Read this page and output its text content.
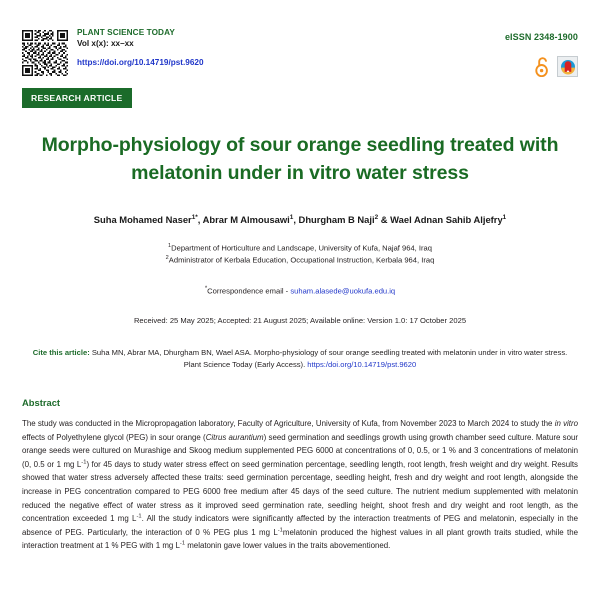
PLANT SCIENCE TODAY
Vol x(x): xx–xx
https://doi.org/10.14719/pst.9620
eISSN 2348-1900
RESEARCH ARTICLE
Morpho-physiology of sour orange seedling treated with melatonin under in vitro water stress
Suha Mohamed Naser$^{1*}$, Abrar M Almousawi$^1$, Dhurgham B Naji$^2$ & Wael Adnan Sahib Aljefry$^1$
$^1$Department of Horticulture and Landscape, University of Kufa, Najaf 964, Iraq
$^2$Administrator of Kerbala Education, Occupational Instruction, Kerbala 964, Iraq
*Correspondence email - suham.alasede@uokufa.edu.iq
Received: 25 May 2025; Accepted: 21 August 2025; Available online: Version 1.0: 17 October 2025
Cite this article: Suha MN, Abrar MA, Dhurgham BN, Wael ASA. Morpho-physiology of sour orange seedling treated with melatonin under in vitro water stress. Plant Science Today (Early Access). https:/doi.org/10.14719/pst.9620
Abstract
The study was conducted in the Micropropagation laboratory, Faculty of Agriculture, University of Kufa, from November 2023 to March 2024 to study the in vitro effects of Polyethylene glycol (PEG) in sour orange (Citrus aurantium) seed germination and seedlings growth using growth chamber seed culture. Mature sour orange seeds were cultured on Murashige and Skoog medium supplemented PEG 6000 at concentrations of 0, 0.5, or 1 % and 3 concentrations of melatonin (0, 0.5 or 1 mg $L^{-1}$) for 45 days to study water stress effect on seed germination percentage, seedling length, root length, fresh weight and dry weight. Results showed that water stress adversely affected these traits: seed germination percentage, seedling height, fresh and dry weight and root length, alongside the increase in PEG concentration compared to PEG 6000 free medium after 45 days of the seed culture. The nutrient medium supplemented with melatonin reduced the negative effect of water stress as it improved seed germination rate, seedling height, shoot fresh and dry weight and root length, as the concentration exceeded 1 mg $L^{-1}$. All the study indicators were significantly affected by the interaction treatments of PEG and melatonin, especially in the absence of PEG. Particularly, the interaction of 0 % PEG plus 1 mg $L^{-1}melatonin$ produced the highest values in all plant growth traits studied, while the interaction treatment at 1 % PEG with 1 mg $L^{-1}$ melatonin gave lower values in the traits abovementioned.
